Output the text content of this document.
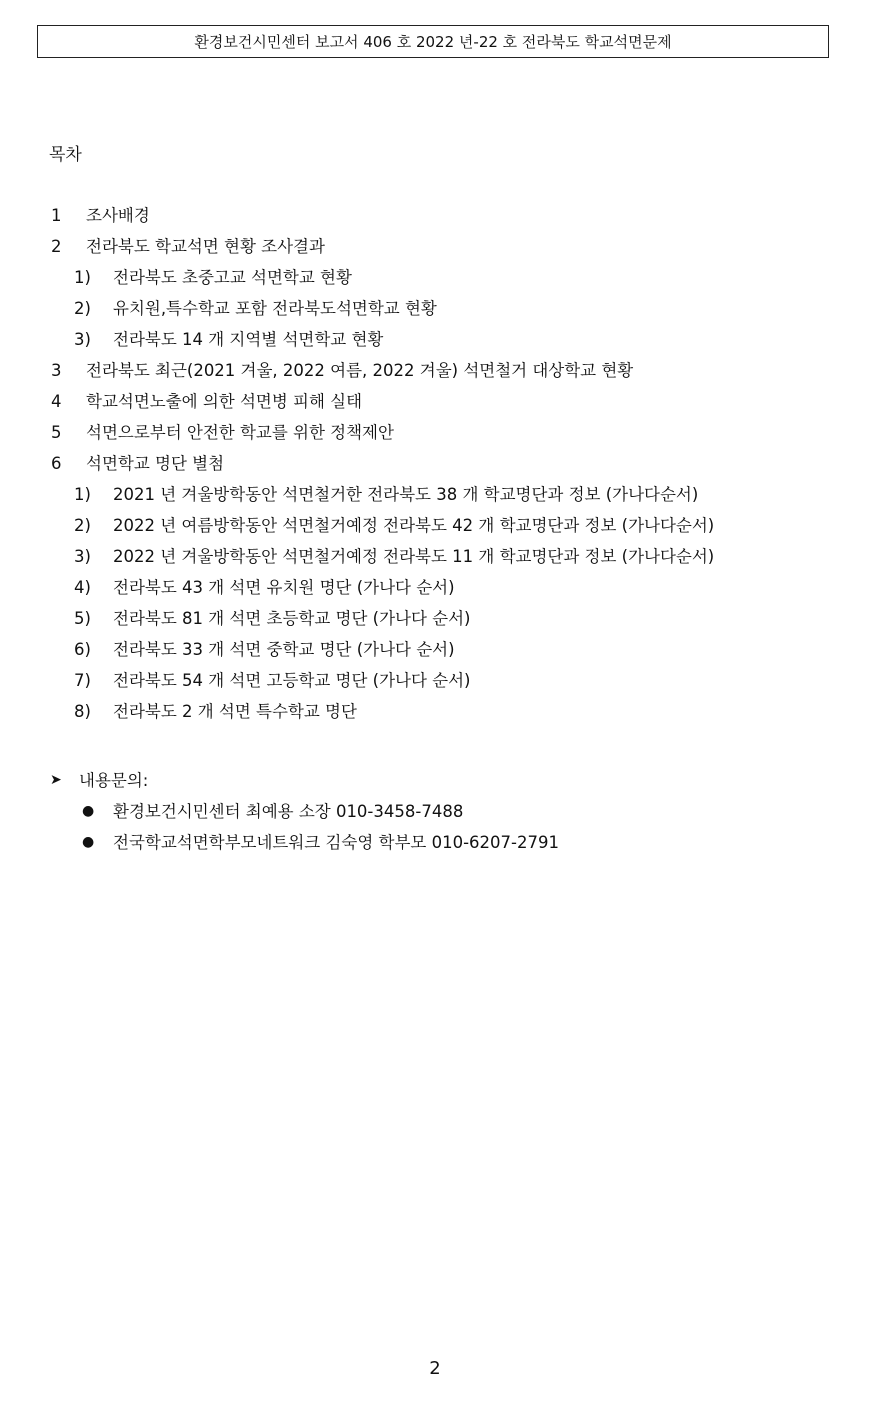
환경보건시민센터 보고서 406 호 2022 년-22 호 전라북도 학교석면문제
목차
1 조사배경
2 전라북도 학교석면 현황 조사결과
1) 전라북도 초중고교 석면학교 현황
2) 유치원,특수학교 포함 전라북도석면학교 현황
3) 전라북도 14 개 지역별 석면학교 현황
3 전라북도 최근(2021 겨울, 2022 여름, 2022 겨울) 석면철거 대상학교 현황
4 학교석면노출에 의한 석면병 피해 실태
5 석면으로부터 안전한 학교를 위한 정책제안
6 석면학교 명단 별첨
1) 2021 년 겨울방학동안 석면철거한 전라북도 38 개 학교명단과 정보 (가나다순서)
2) 2022 년 여름방학동안 석면철거예정 전라북도 42 개 학교명단과 정보 (가나다순서)
3) 2022 년 겨울방학동안 석면철거예정 전라북도 11 개 학교명단과 정보 (가나다순서)
4) 전라북도 43 개 석면 유치원 명단 (가나다 순서)
5) 전라북도 81 개 석면 초등학교 명단 (가나다 순서)
6) 전라북도 33 개 석면 중학교 명단 (가나다 순서)
7) 전라북도 54 개 석면 고등학교 명단 (가나다 순서)
8) 전라북도 2 개 석면 특수학교 명단
➤ 내용문의:
● 환경보건시민센터 최예용 소장 010-3458-7488
● 전국학교석면학부모네트워크 김숙영 학부모 010-6207-2791
2
